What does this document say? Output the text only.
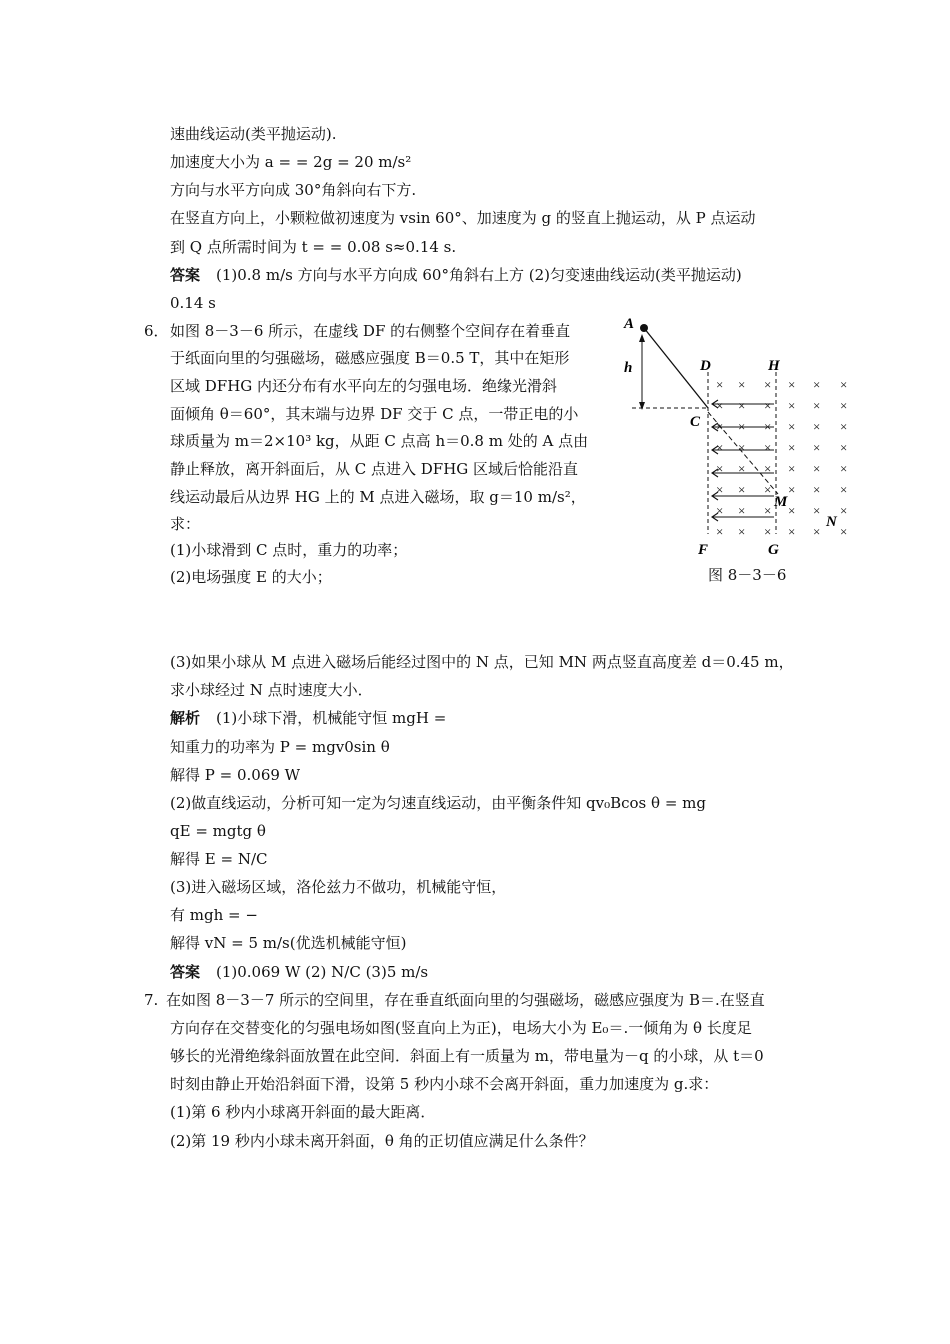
速曲线运动(类平抛运动).
加速度大小为 a = = 2g = 20 m/s²
方向与水平方向成 30°角斜向右下方.
在竖直方向上，小颗粒做初速度为 vsin 60°、加速度为 g 的竖直上抛运动，从 P 点运动
到 Q 点所需时间为 t = = 0.08 s≈0.14 s.
答案 (1)0.8 m/s 方向与水平方向成 60°角斜右上方 (2)匀变速曲线运动(类平抛运动)
0.14 s
6． 如图 8－3－6 所示，在虚线 DF 的右侧整个空间存在着垂直
于纸面向里的匀强磁场，磁感应强度 B＝0.5 T，其中在矩形
区域 DFHG 内还分布有水平向左的匀强电场．绝缘光滑斜
面倾角 θ＝60°，其末端与边界 DF 交于 C 点，一带正电的小
球质量为 m＝2×10³ kg，从距 C 点高 h＝0.8 m 处的 A 点由
静止释放，离开斜面后，从 C 点进入 DFHG 区域后恰能沿直
线运动最后从边界 HG 上的 M 点进入磁场，取 g＝10 m/s²，
求：
(1)小球滑到 C 点时，重力的功率；
(2)电场强度 E 的大小；
× × × × × ×
× × × × × ×
× × × × × ×
× × × × × ×
× × × × × ×
× × × × × ×
× × × × × ×
× × × × × ×
A
h	D	H
C
M
N
F	G
图 8－3－6
(3)如果小球从 M 点进入磁场后能经过图中的 N 点，已知 MN 两点竖直高度差 d＝0.45 m，
求小球经过 N 点时速度大小．
解析 (1)小球下滑，机械能守恒 mgH =
知重力的功率为 P = mgv0sin θ
解得 P = 0.069 W
(2)做直线运动，分析可知一定为匀速直线运动，由平衡条件知 qv₀Bcos θ = mg
qE = mgtg θ
解得 E = N/C
(3)进入磁场区域，洛伦兹力不做功，机械能守恒，
有 mgh = −
解得 vN = 5 m/s(优选机械能守恒)
答案 (1)0.069 W (2) N/C (3)5 m/s
7. 在如图 8－3－7 所示的空间里，存在垂直纸面向里的匀强磁场，磁感应强度为 B＝.在竖直
方向存在交替变化的匀强电场如图(竖直向上为正)，电场大小为 E₀＝.一倾角为 θ 长度足
够长的光滑绝缘斜面放置在此空间．斜面上有一质量为 m，带电量为－q 的小球，从 t＝0
时刻由静止开始沿斜面下滑，设第 5 秒内小球不会离开斜面，重力加速度为 g.求：
(1)第 6 秒内小球离开斜面的最大距离．
(2)第 19 秒内小球未离开斜面，θ 角的正切值应满足什么条件？
